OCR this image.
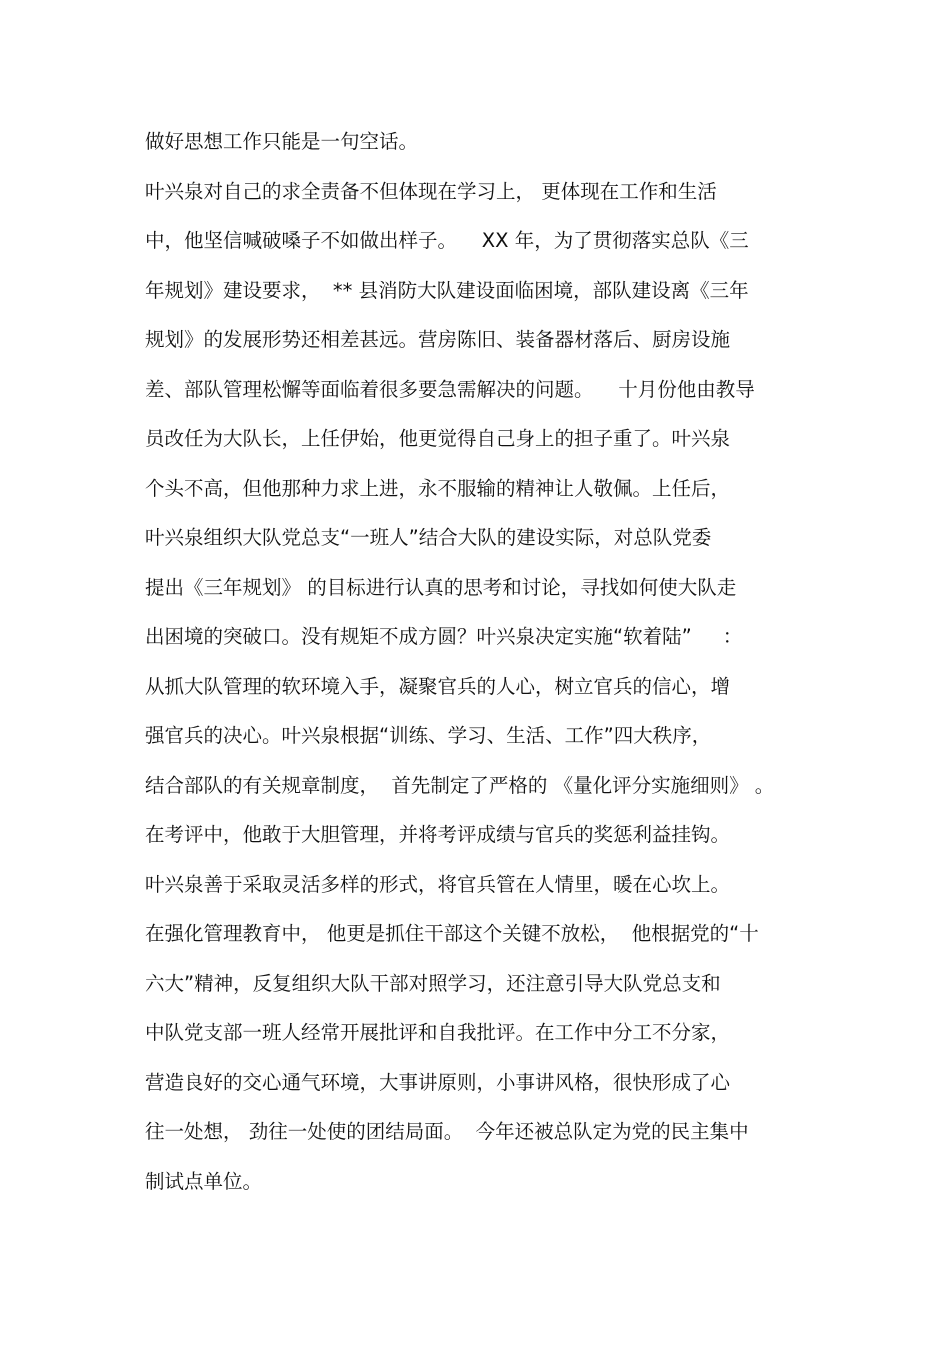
做好思想工作只能是一句空话。
叶兴泉对自己的求全责备不但体现在学习上， 更体现在工作和生活
中，他坚信喊破嗓子不如做出样子。    XX 年，为了贯彻落实总队《三
年规划》建设要求，  ** 县消防大队建设面临困境，部队建设离《三年
规划》的发展形势还相差甚远。营房陈旧、装备器材落后、厨房设施
差、部队管理松懈等面临着很多要急需解决的问题。    十月份他由教导
员改任为大队长，上任伊始，他更觉得自己身上的担子重了。叶兴泉
个头不高，但他那种力求上进，永不服输的精神让人敬佩。上任后，
叶兴泉组织大队党总支“一班人”结合大队的建设实际，对总队党委
提出《三年规划》 的目标进行认真的思考和讨论，寻找如何使大队走
出困境的突破口。没有规矩不成方圆？叶兴泉决定实施“软着陆”     ：
从抓大队管理的软环境入手，凝聚官兵的人心，树立官兵的信心，增
强官兵的决心。叶兴泉根据“训练、学习、生活、工作”四大秩序，
结合部队的有关规章制度，  首先制定了严格的 《量化评分实施细则》 。
在考评中，他敢于大胆管理，并将考评成绩与官兵的奖惩利益挂钩。
叶兴泉善于采取灵活多样的形式，将官兵管在人情里，暖在心坎上。
在强化管理教育中， 他更是抓住干部这个关键不放松，  他根据党的“十
六大”精神，反复组织大队干部对照学习，还注意引导大队党总支和
中队党支部一班人经常开展批评和自我批评。在工作中分工不分家，
营造良好的交心通气环境，大事讲原则，小事讲风格，很快形成了心
往一处想， 劲往一处使的团结局面。  今年还被总队定为党的民主集中
制试点单位。
